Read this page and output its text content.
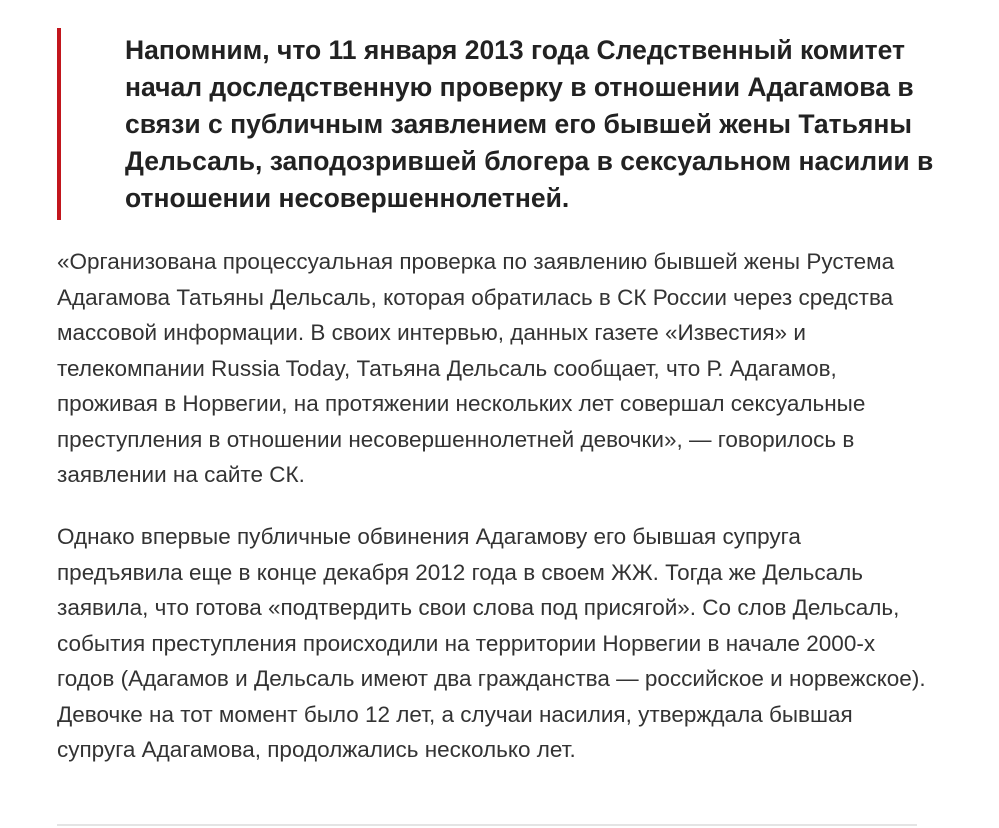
Напомним, что 11 января 2013 года Следственный комитет начал доследственную проверку в отношении Адагамова в связи с публичным заявлением его бывшей жены Татьяны Дельсаль, заподозрившей блогера в сексуальном насилии в отношении несовершеннолетней.

«Организована процессуальная проверка по заявлению бывшей жены Рустема Адагамова Татьяны Дельсаль, которая обратилась в СК России через средства массовой информации. В своих интервью, данных газете «Известия» и телекомпании Russia Today, Татьяна Дельсаль сообщает, что Р. Адагамов, проживая в Норвегии, на протяжении нескольких лет совершал сексуальные преступления в отношении несовершеннолетней девочки», — говорилось в заявлении на сайте СК.

Однако впервые публичные обвинения Адагамову его бывшая супруга предъявила еще в конце декабря 2012 года в своем ЖЖ. Тогда же Дельсаль заявила, что готова «подтвердить свои слова под присягой». Со слов Дельсаль, события преступления происходили на территории Норвегии в начале 2000-х годов (Адагамов и Дельсаль имеют два гражданства — российское и норвежское). Девочке на тот момент было 12 лет, а случаи насилия, утверждала бывшая супруга Адагамова, продолжались несколько лет.
